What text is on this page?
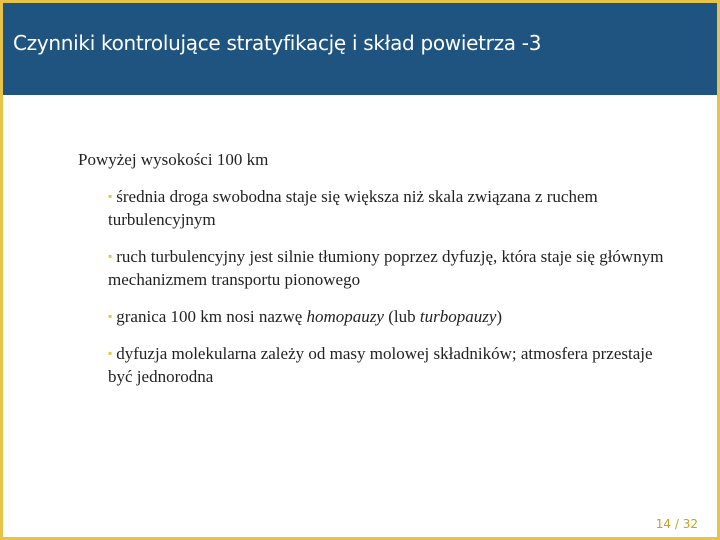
Czynniki kontrolujące stratyfikację i skład powietrza -3
Powyżej wysokości 100 km
▪ średnia droga swobodna staje się większa niż skala związana z ruchem turbulencyjnym
▪ ruch turbulencyjny jest silnie tłumiony poprzez dyfuzję, która staje się głównym mechanizmem transportu pionowego
▪ granica 100 km nosi nazwę homopauzy (lub turbopauzy)
▪ dyfuzja molekularna zależy od masy molowej składników; atmosfera przestaje być jednorodna
14 / 32
